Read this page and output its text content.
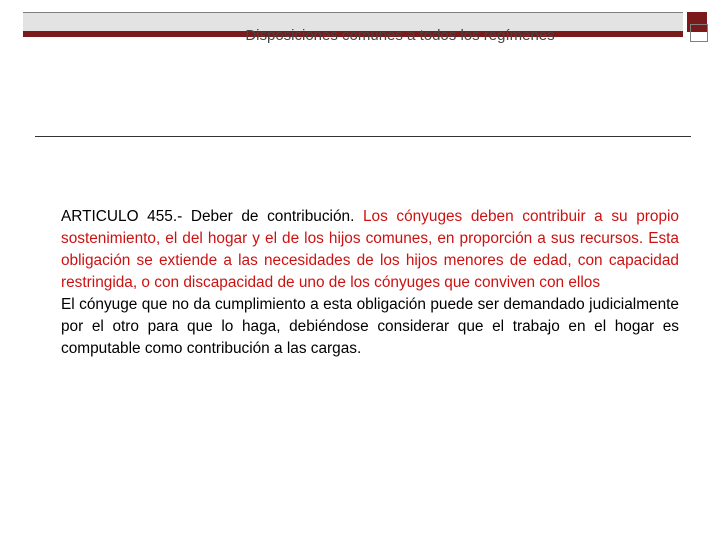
Disposiciones comunes a todos los regímenes

ARTICULO 455.- Deber de contribución. Los cónyuges deben contribuir a su propio sostenimiento, el del hogar y el de los hijos comunes, en proporción a sus recursos. Esta obligación se extiende a las necesidades de los hijos menores de edad, con capacidad restringida, o con discapacidad de uno de los cónyuges que conviven con ellos

El cónyuge que no da cumplimiento a esta obligación puede ser demandado judicialmente por el otro para que lo haga, debiéndose considerar que el trabajo en el hogar es computable como contribución a las cargas.
